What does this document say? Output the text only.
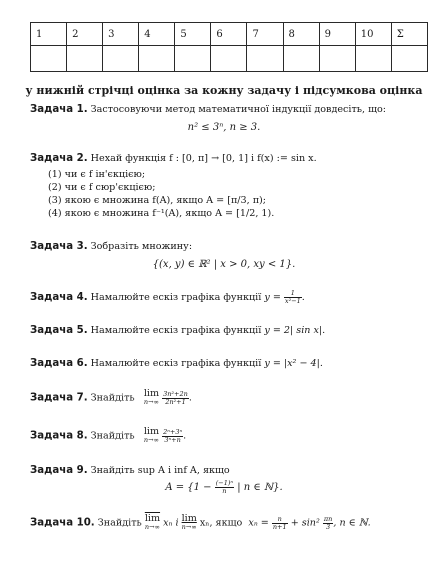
1	2	3	4	5	6	7	8	9	10	Σ

у нижній стрічці оцінка за кожну задачу і підсумкова оцінка
Задача 1. Застосовуючи метод математичної індукції довдесіть, що:
n² ≤ 3ⁿ, n ≥ 3.
Задача 2. Нехай функція f : [0, π] → [0, 1] і f(x) := sin x.
(1) чи є f ін'єкцією;
(2) чи є f сюр'єкцією;
(3) якою є множина f(A), якщо A = [π/3, π);
(4) якою є множина f⁻¹(A), якщо A = [1/2, 1).
Задача 3. Зобразіть множину:
{(x, y) ∈ ℝ² | x > 0, xy < 1}.
Задача 4. Намалюйте ескіз графіка функції $y = \frac{1}{\text{x²−1}}$ .
Задача 5. Намалюйте ескіз графіка функції y = 2| sin x|.
Задача 6. Намалюйте ескіз графіка функції y = |x² − 4|.
Задача 7. Знайдіть lim
n→∞
$\frac{\text{3n²+2n}}{\text{2n²+1}}$ .
Задача 8. Знайдіть lim
n→∞
$\frac{\text{2ⁿ+3ⁿ}}{\text{3ⁿ+n}}$ .
Задача 9. Знайдіть sup A і inf A, якщо
$A = \{1 - \frac{\text{(−1)ⁿ}}{n}$ | n ∈ ℕ}.
Задача 10. Знайдіть $\overline{lim}$
n→∞ xₙ і lim
n→∞ xₙ, якщо $x_n = \frac{n}{n+1} + \sin^2 \frac{\pi n}{3}$ , n ∈ ℕ.
